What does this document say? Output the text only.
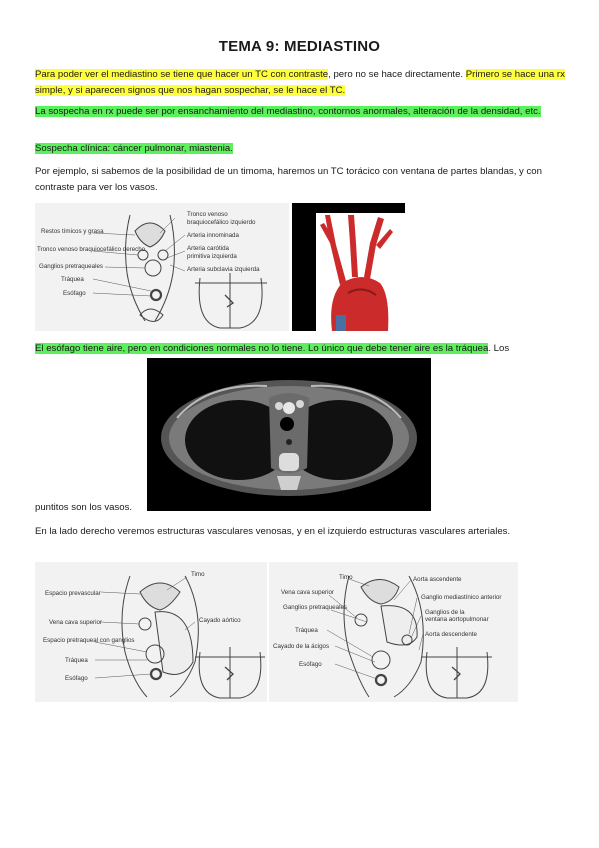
TEMA 9: MEDIASTINO
Para poder ver el mediastino se tiene que hacer un TC con contraste, pero no se hace directamente. Primero se hace una rx simple, y si aparecen signos que nos hagan sospechar, se le hace el TC.
La sospecha en rx puede ser por ensanchamiento del mediastino, contornos anormales, alteración de la densidad, etc.
Sospecha clínica: cáncer pulmonar, miastenia.
Por ejemplo, si sabemos de la posibilidad de un timoma, haremos un TC torácico con ventana de partes blandas, y con contraste para ver los vasos.
Restos tímicos y grasa
Tronco venoso braquiocefálico derecho
Ganglios pretraqueales
Tráquea
Esófago
Tronco venoso
braquiocefálico izquierdo
Arteria innominada
Arteria carótida
primitiva izquierda
Arteria subclavia izquierda
El esófago tiene aire, pero en condiciones normales no lo tiene. Lo único que debe tener aire es la tráquea. Los
puntitos son los vasos.
En la lado derecho veremos estructuras vasculares venosas, y en el izquierdo estructuras vasculares arteriales.
Espacio prevascular
Timo
Vena cava superior	Cayado aórtico
Espacio pretraqueal con ganglios
Tráquea
Esófago
Timo	Aorta ascendente
Vena cava superior
Ganglio mediastínico anterior
Ganglios pretraqueales
Ganglios de la
ventana aortopulmonar
Tráquea
Aorta descendente
Cayado de la ácigos
Esófago
